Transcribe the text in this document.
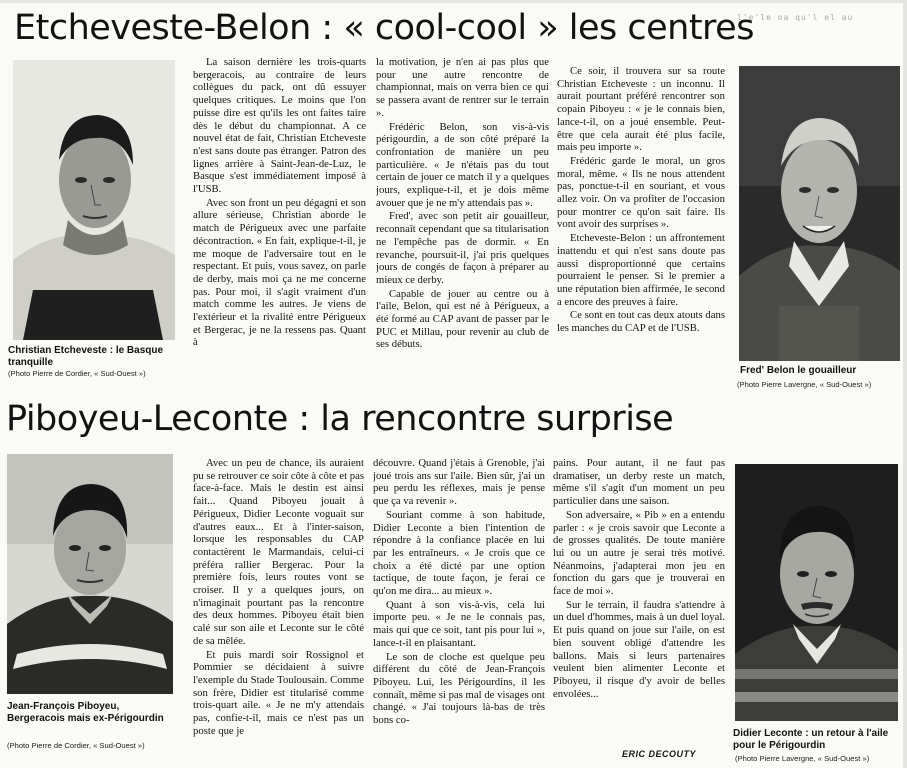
l'e'le oa qu'l el au
Etcheveste-Belon : « cool-cool » les centres
Christian Etcheveste : le Basque tranquille
(Photo Pierre de Cordier, « Sud-Ouest »)

La saison dernière les trois-quarts bergeracois, au contraire de leurs collègues du pack, ont dû essuyer quelques critiques. Le moins que l'on puisse dire est qu'ils les ont faites taire dès le début du championnat. A ce nouvel état de fait, Christian Etcheveste n'est sans doute pas étranger. Patron des lignes arrière à Saint-Jean-de-Luz, le Basque s'est immédiatement imposé à l'USB.

Avec son front un peu dégagni et son allure sérieuse, Christian aborde le match de Périgueux avec une parfaite décontraction. « En fait, explique-t-il, je me moque de l'adversaire tout en le respectant. Et puis, vous savez, on parle de derby, mais moi ça ne me concerne pas. Pour moi, il s'agit vraiment d'un match comme les autres. Je viens de l'extérieur et la rivalité entre Périgueux et Bergerac, je ne la ressens pas. Quant à

la motivation, je n'en ai pas plus que pour une autre rencontre de championnat, mais on verra bien ce qui se passera avant de rentrer sur le terrain ».

Frédéric Belon, son vis-à-vis périgourdin, a de son côté préparé la confrontation de manière un peu particulière. « Je n'étais pas du tout certain de jouer ce match il y a quelques jours, explique-t-il, et je dois même avouer que je ne m'y attendais pas ».

Fred', avec son petit air gouailleur, reconnaît cependant que sa titularisation ne l'empêche pas de dormir. « En revanche, poursuit-il, j'ai pris quelques jours de congés de façon à préparer au mieux ce derby.

Capable de jouer au centre ou à l'aile, Belon, qui est né à Périgueux, a été formé au CAP avant de passer par le PUC et Millau, pour revenir au club de ses débuts.

Ce soir, il trouvera sur sa route Christian Etcheveste : un inconnu. Il aurait pourtant préféré rencontrer son copain Piboyeu : « je le connais bien, lance-t-il, on a joué ensemble. Peut-être que cela aurait été plus facile, mais peu importe ».

Frédéric garde le moral, un gros moral, même. « Ils ne nous attendent pas, ponctue-t-il en souriant, et vous allez voir. On va profiter de l'occasion pour montrer ce qu'on sait faire. Ils vont avoir des surprises ».

Etcheveste-Belon : un affrontement inattendu et qui n'est sans doute pas aussi disproportionné que certains pourraient le penser. Si le premier a une réputation bien affirmée, le second a encore des preuves à faire.

Ce sont en tout cas deux atouts dans les manches du CAP et de l'USB.

Fred' Belon le gouailleur
(Photo Pierre Lavergne, « Sud-Ouest »)
Piboyeu-Leconte : la rencontre surprise
Jean-François Piboyeu, Bergeracois mais ex-Périgourdin
(Photo Pierre de Cordier, « Sud-Ouest »)

Avec un peu de chance, ils auraient pu se retrouver ce soir côte à côte et pas face-à-face. Mais le destin est ainsi fait... Quand Piboyeu jouait à Périgueux, Didier Leconte voguait sur d'autres eaux... Et à l'inter-saison, lorsque les responsables du CAP contactèrent le Marmandais, celui-ci préféra rallier Bergerac. Pour la première fois, leurs routes vont se croiser. Il y a quelques jours, on n'imaginait pourtant pas la rencontre des deux hommes. Piboyeu était bien calé sur son aile et Leconte sur le côté de sa mêlée.

Et puis mardi soir Rossignol et Pommier se décidaient à suivre l'exemple du Stade Toulousain. Comme son frère, Didier est titularisé comme trois-quart aile. « Je ne m'y attendais pas, confie-t-il, mais ce n'est pas un poste que je

découvre. Quand j'étais à Grenoble, j'ai joué trois ans sur l'aile. Bien sûr, j'ai un peu perdu les réflexes, mais je pense que ça va revenir ».

Souriant comme à son habitude, Didier Leconte a bien l'intention de répondre à la confiance placée en lui par les entraîneurs. « Je crois que ce choix a été dicté par une option tactique, de toute façon, je ferai ce qu'on me dira... au mieux ».

Quant à son vis-à-vis, cela lui importe peu. « Je ne le connais pas, mais qui que ce soit, tant pis pour lui », lance-t-il en plaisantant.

Le son de cloche est quelque peu différent du côté de Jean-François Piboyeu. Lui, les Périgourdins, il les connaît, même si pas mal de visages ont changé. « J'ai toujours là-bas de très bons co-

pains. Pour autant, il ne faut pas dramatiser, un derby reste un match, même s'il s'agit d'un moment un peu particulier dans une saison.

Son adversaire, « Pib » en a entendu parler : « je crois savoir que Leconte a de grosses qualités. De toute manière lui ou un autre je serai très motivé. Néanmoins, j'adapterai mon jeu en fonction du gars que je trouverai en face de moi ».

Sur le terrain, il faudra s'attendre à un duel d'hommes, mais à un duel loyal. Et puis quand on joue sur l'aile, on est bien souvent obligé d'attendre les ballons. Mais si leurs partenaires veulent bien alimenter Leconte et Piboyeu, il risque d'y avoir de belles envolées...

ERIC DECOUTY
Didier Leconte : un retour à l'aile pour le Périgourdin
(Photo Pierre Lavergne, « Sud-Ouest »)
